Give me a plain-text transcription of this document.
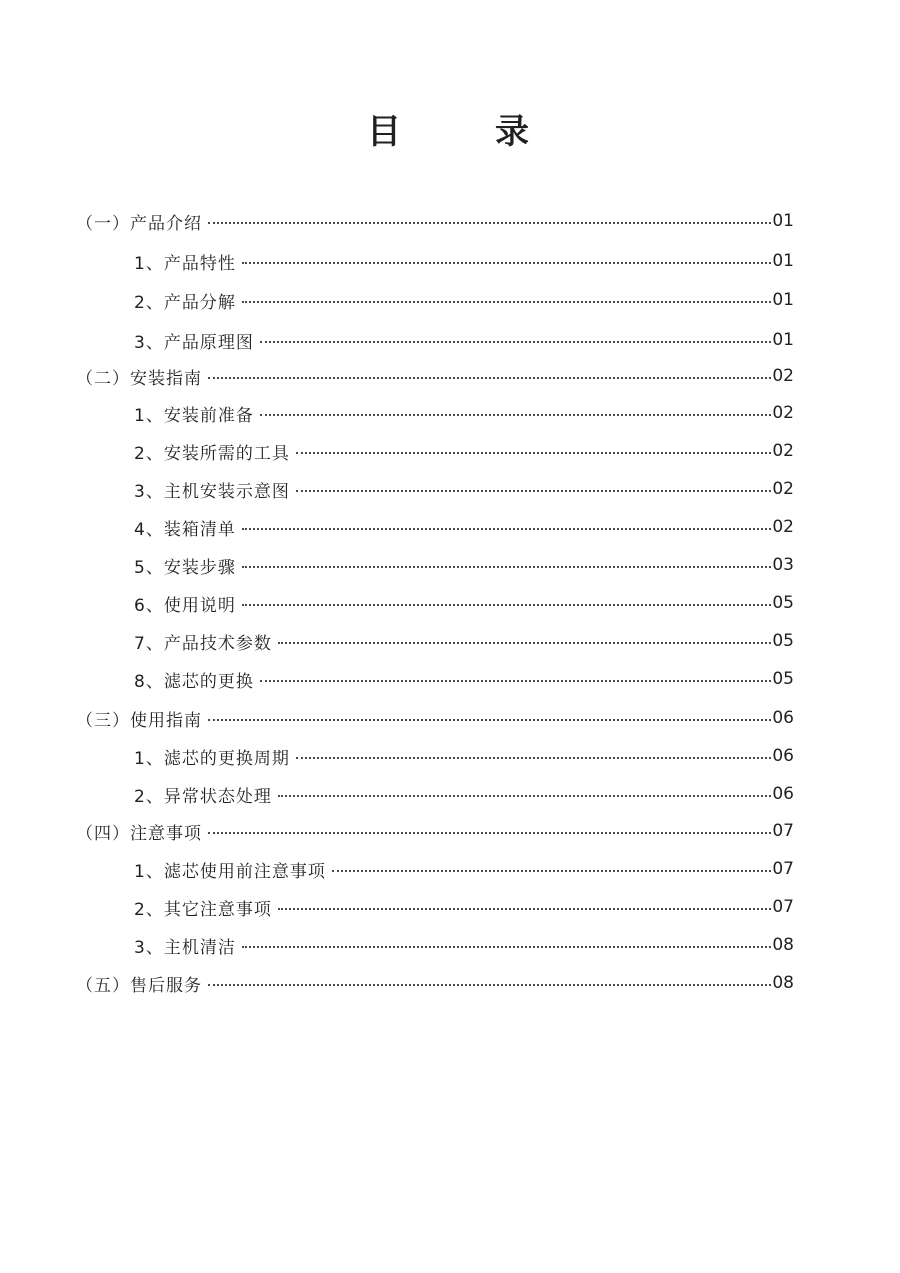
目　录
（一）产品介绍	01
1、产品特性	01
2、产品分解	01
3、产品原理图	01
（二）安装指南	02
1、安装前准备	02
2、安装所需的工具	02
3、主机安装示意图	02
4、装箱清单	02
5、安装步骤	03
6、使用说明	05
7、产品技术参数	05
8、滤芯的更换	05
（三）使用指南	06
1、滤芯的更换周期	06
2、异常状态处理	06
（四）注意事项	07
1、滤芯使用前注意事项	07
2、其它注意事项	07
3、主机清洁	08
（五）售后服务	08
